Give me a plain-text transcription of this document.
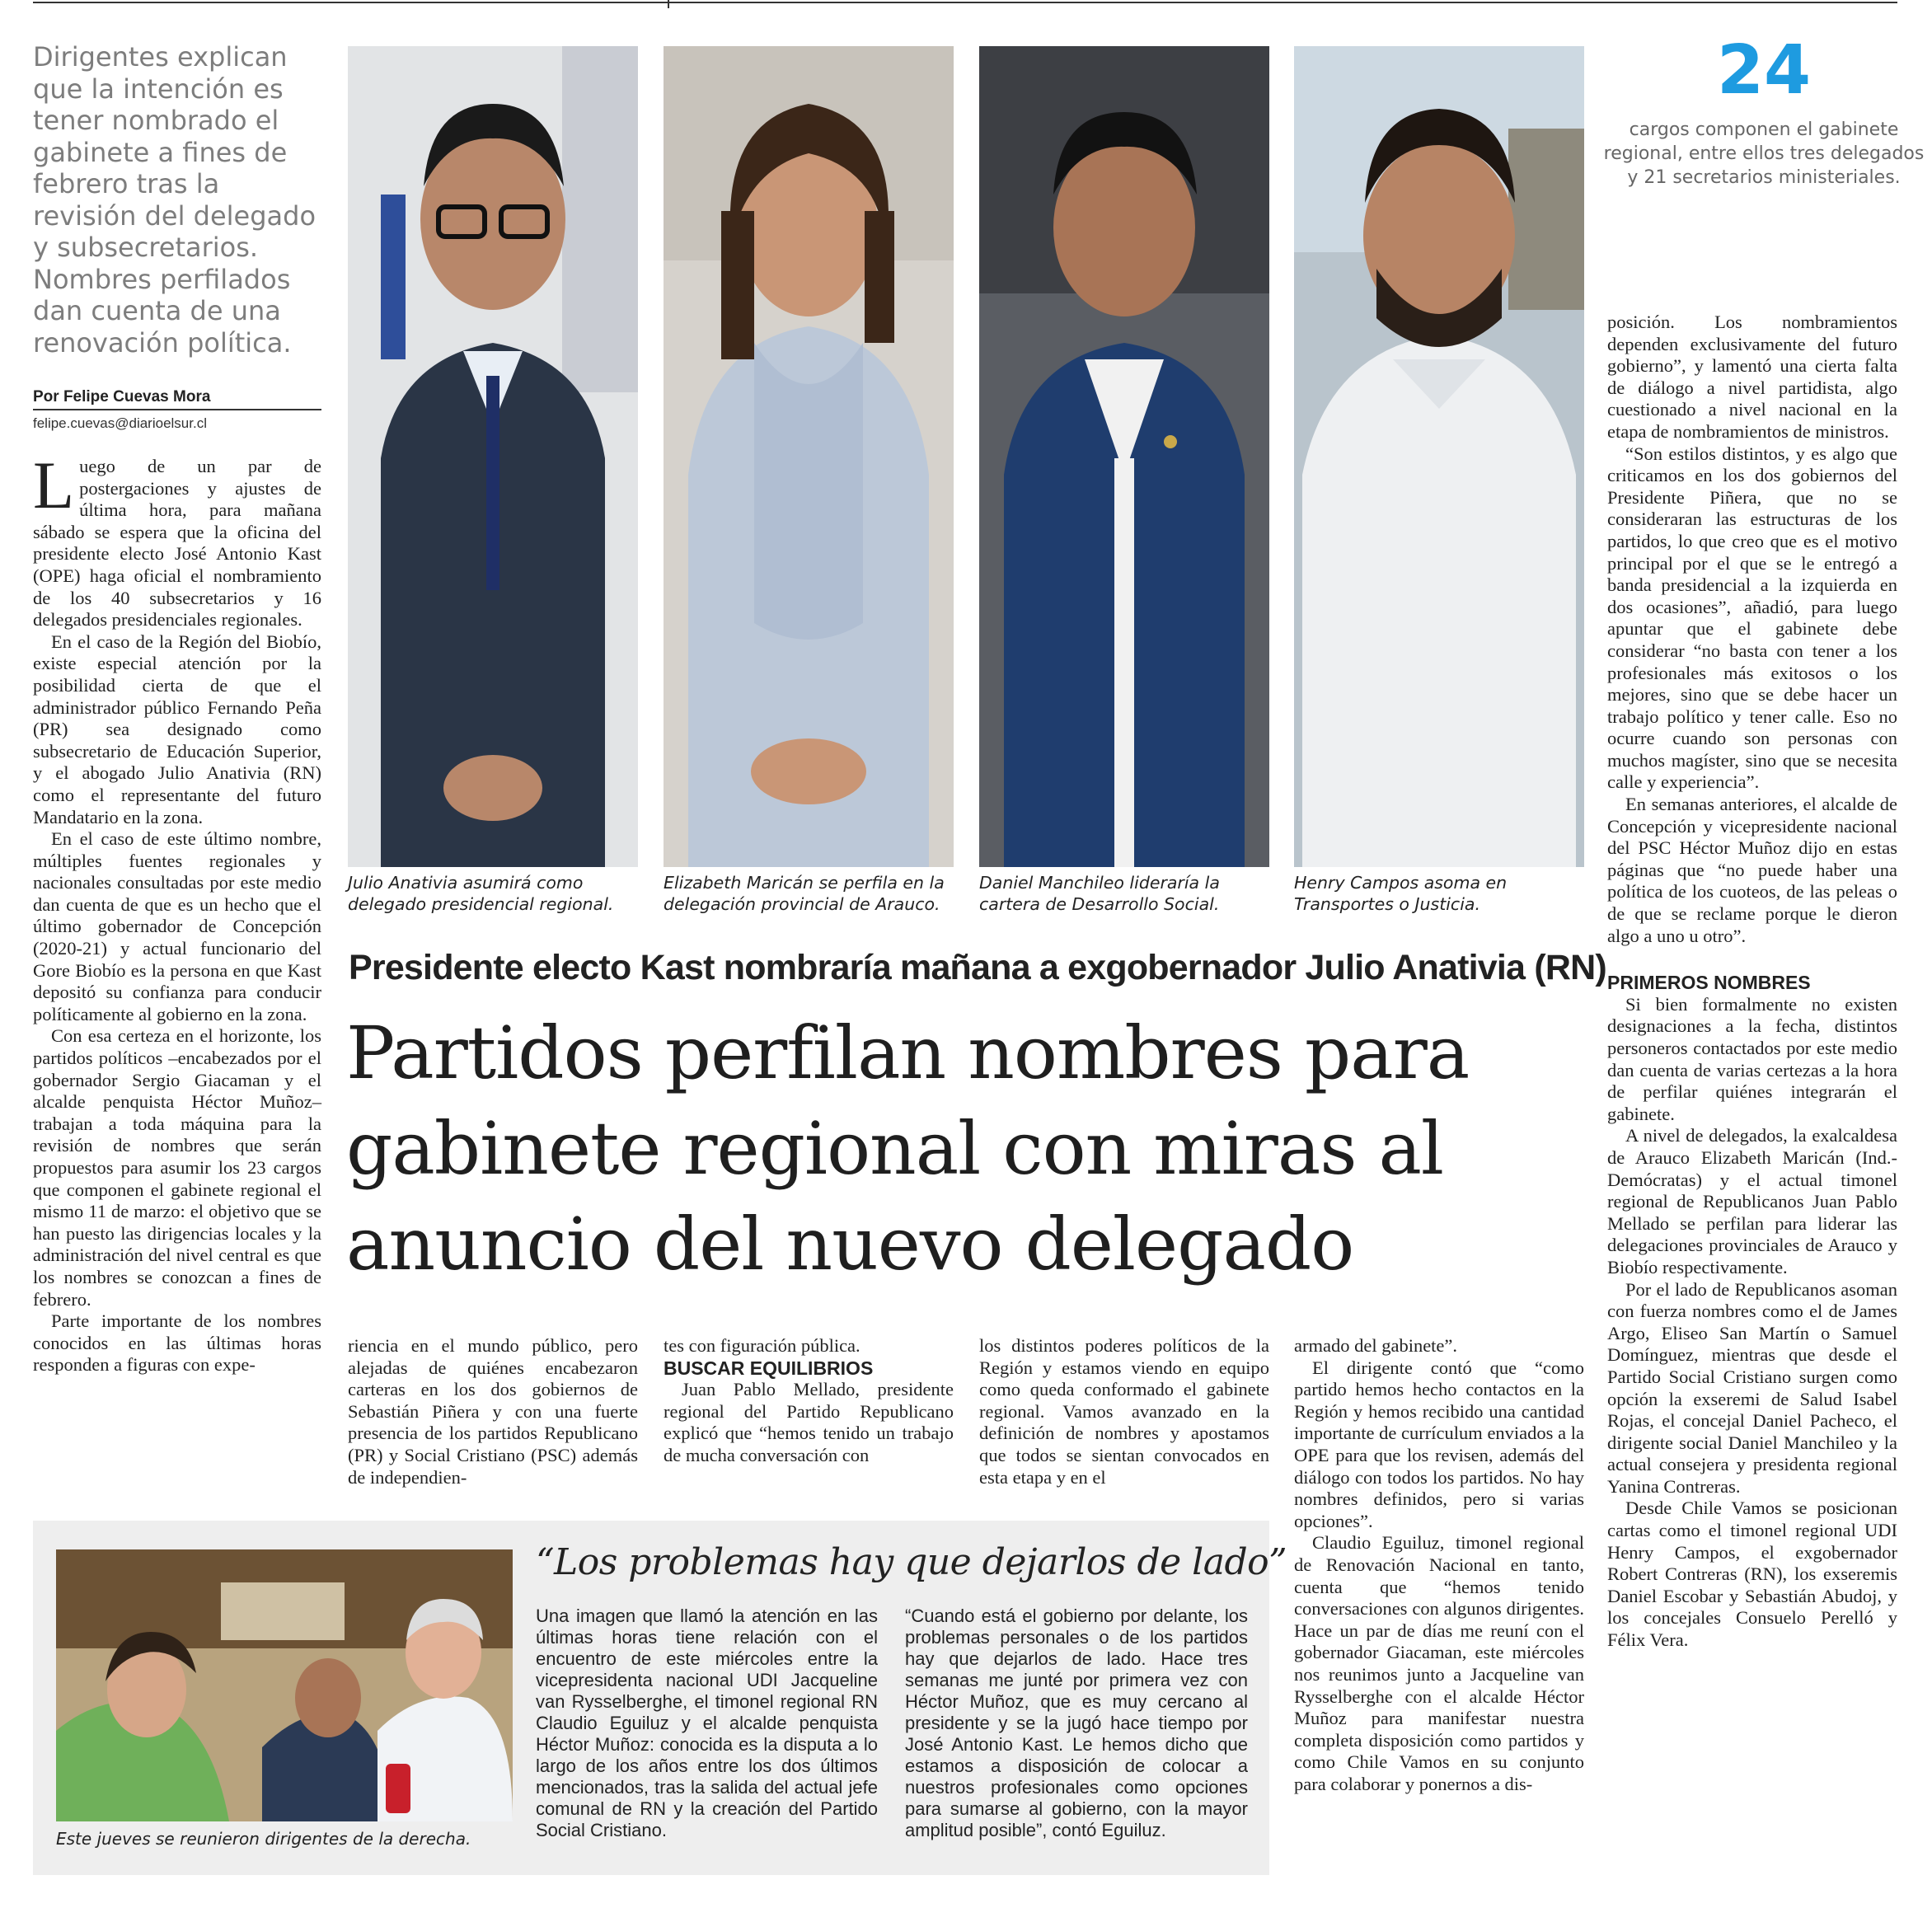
Dirigentes explican que la intención es tener nombrado el gabinete a fines de febrero tras la revisión del delegado y subsecretarios. Nombres perfilados dan cuenta de una renovación política.
Por Felipe Cuevas Mora
felipe.cuevas@diarioelsur.cl

Luego de un par de postergaciones y ajustes de última hora, para mañana sábado se espera que la oficina del presidente electo José Antonio Kast (OPE) haga oficial el nombramiento de los 40 subsecretarios y 16 delegados presidenciales regionales.

En el caso de la Región del Biobío, existe especial atención por la posibilidad cierta de que el administrador público Fernando Peña (PR) sea designado como subsecretario de Educación Superior, y el abogado Julio Anativia (RN) como el representante del futuro Mandatario en la zona.

En el caso de este último nombre, múltiples fuentes regionales y nacionales consultadas por este medio dan cuenta de que es un hecho que el último gobernador de Concepción (2020-21) y actual funcionario del Gore Biobío es la persona en que Kast depositó su confianza para conducir políticamente al gobierno en la zona.

Con esa certeza en el horizonte, los partidos políticos –encabezados por el gobernador Sergio Giacaman y el alcalde penquista Héctor Muñoz– trabajan a toda máquina para la revisión de nombres que serán propuestos para asumir los 23 cargos que componen el gabinete regional el mismo 11 de marzo: el objetivo que se han puesto las dirigencias locales y la administración del nivel central es que los nombres se conozcan a fines de febrero.

Parte importante de los nombres conocidos en las últimas horas responden a figuras con expe-

Julio Anativia asumirá como delegado presidencial regional.
Elizabeth Maricán se perfila en la delegación provincial de Arauco.
Daniel Manchileo lideraría la cartera de Desarrollo Social.
Henry Campos asoma en Transportes o Justicia.
24
cargos componen el gabinete regional, entre ellos tres delegados y 21 secretarios ministeriales.
Presidente electo Kast nombraría mañana a exgobernador Julio Anativia (RN)
Partidos perfilan nombres para gabinete regional con miras al anuncio del nuevo delegado

riencia en el mundo público, pero alejadas de quiénes encabezaron carteras en los dos gobiernos de Sebastián Piñera y con una fuerte presencia de los partidos Republicano (PR) y Social Cristiano (PSC) además de independien-

tes con figuración pública.

BUSCAR EQUILIBRIOS

Juan Pablo Mellado, presidente regional del Partido Republicano explicó que “hemos tenido un trabajo de mucha conversación con

los distintos poderes políticos de la Región y estamos viendo en equipo como queda conformado el gabinete regional. Vamos avanzado en la definición de nombres y apostamos que todos se sientan convocados en esta etapa y en el

armado del gabinete”.

El dirigente contó que “como partido hemos hecho contactos en la Región y hemos recibido una cantidad importante de currículum enviados a la OPE para que los revisen, además del diálogo con todos los partidos. No hay nombres definidos, pero si varias opciones”.

Claudio Eguiluz, timonel regional de Renovación Nacional en tanto, cuenta que “hemos tenido conversaciones con algunos dirigentes. Hace un par de días me reuní con el gobernador Giacaman, este miércoles nos reunimos junto a Jacqueline van Rysselberghe con el alcalde Héctor Muñoz para manifestar nuestra completa disposición como partidos y como Chile Vamos en su conjunto para colaborar y ponernos a dis-

posición. Los nombramientos dependen exclusivamente del futuro gobierno”, y lamentó una cierta falta de diálogo a nivel partidista, algo cuestionado a nivel nacional en la etapa de nombramientos de ministros.

“Son estilos distintos, y es algo que criticamos en los dos gobiernos del Presidente Piñera, que no se consideraran las estructuras de los partidos, lo que creo que es el motivo principal por el que se le entregó a banda presidencial a la izquierda en dos ocasiones”, añadió, para luego apuntar que el gabinete debe considerar “no basta con tener a los profesionales más exitosos o los mejores, sino que se debe hacer un trabajo político y tener calle. Eso no ocurre cuando son personas con muchos magíster, sino que se necesita calle y experiencia”.

En semanas anteriores, el alcalde de Concepción y vicepresidente nacional del PSC Héctor Muñoz dijo en estas páginas que “no puede haber una política de los cuoteos, de las peleas o de que se reclame porque le dieron algo a uno u otro”.

PRIMEROS NOMBRES

Si bien formalmente no existen designaciones a la fecha, distintos personeros contactados por este medio dan cuenta de varias certezas a la hora de perfilar quiénes integrarán el gabinete.

A nivel de delegados, la exalcaldesa de Arauco Elizabeth Maricán (Ind.-Demócratas) y el actual timonel regional de Republicanos Juan Pablo Mellado se perfilan para liderar las delegaciones provinciales de Arauco y Biobío respectivamente.

Por el lado de Republicanos asoman con fuerza nombres como el de James Argo, Eliseo San Martín o Samuel Domínguez, mientras que desde el Partido Social Cristiano surgen como opción la exseremi de Salud Isabel Rojas, el concejal Daniel Pacheco, el dirigente social Daniel Manchileo y la actual consejera y presidenta regional Yanina Contreras.

Desde Chile Vamos se posicionan cartas como el timonel regional UDI Henry Campos, el exgobernador Robert Contreras (RN), los exseremis Daniel Escobar y Sebastián Abudoj, y los concejales Consuelo Perelló y Félix Vera.

Este jueves se reunieron dirigentes de la derecha.
“Los problemas hay que dejarlos de lado”
Una imagen que llamó la atención en las últimas horas tiene relación con el encuentro de este miércoles entre la vicepresidenta nacional UDI Jacqueline van Rysselberghe, el timonel regional RN Claudio Eguiluz y el alcalde penquista Héctor Muñoz: conocida es la disputa a lo largo de los años entre los dos últimos mencionados, tras la salida del actual jefe comunal de RN y la creación del Partido Social Cristiano.
“Cuando está el gobierno por delante, los problemas personales o de los partidos hay que dejarlos de lado. Hace tres semanas me junté por primera vez con Héctor Muñoz, que es muy cercano al presidente y se la jugó hace tiempo por José Antonio Kast. Le hemos dicho que estamos a disposición de colocar a nuestros profesionales como opciones para sumarse al gobierno, con la mayor amplitud posible”, contó Eguiluz.
